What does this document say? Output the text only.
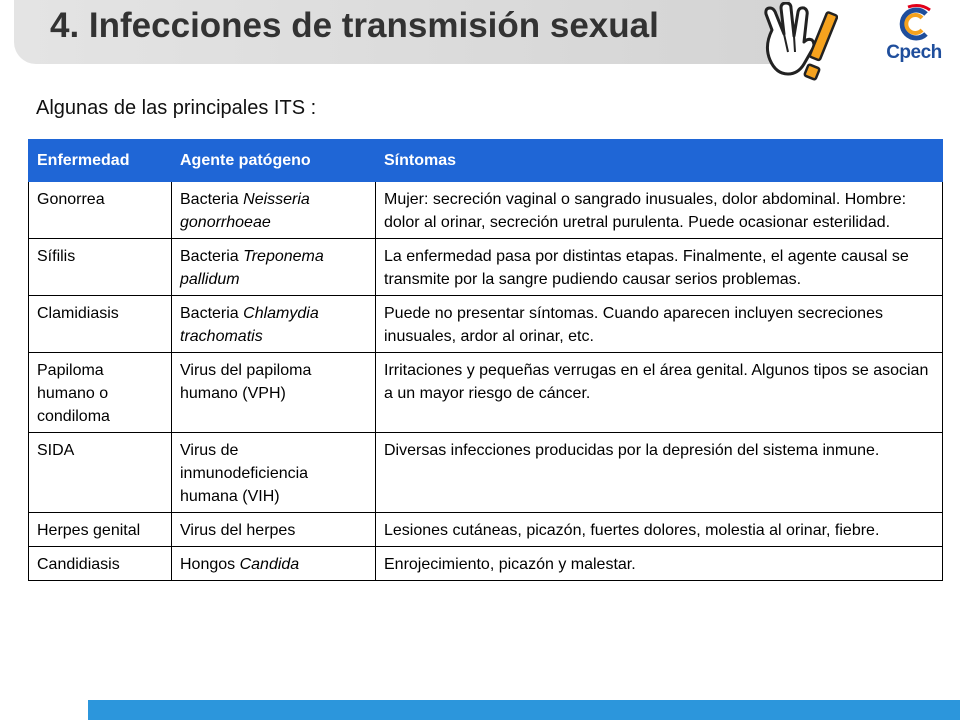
4. Infecciones de transmisión sexual
Cpech

Algunas de las principales ITS :

Enfermedad	Agente patógeno	Síntomas
Gonorrea	Bacteria Neisseria gonorrhoeae	Mujer: secreción vaginal o sangrado inusuales, dolor abdominal. Hombre: dolor al orinar, secreción uretral purulenta. Puede ocasionar esterilidad.
Sífilis	Bacteria Treponema pallidum	La enfermedad pasa por distintas etapas. Finalmente, el agente causal se transmite por la sangre pudiendo causar serios problemas.
Clamidiasis	Bacteria Chlamydia trachomatis	Puede no presentar síntomas. Cuando aparecen incluyen secreciones inusuales, ardor al orinar, etc.
Papiloma humano o condiloma	Virus del papiloma humano (VPH)	Irritaciones y pequeñas verrugas en el área genital. Algunos tipos se asocian a un mayor riesgo de cáncer.
SIDA	Virus de inmunodeficiencia humana (VIH)	Diversas infecciones producidas por la depresión del sistema inmune.
Herpes genital	Virus del herpes	Lesiones cutáneas, picazón, fuertes dolores, molestia al orinar, fiebre.
Candidiasis	Hongos Candida	Enrojecimiento, picazón y malestar.
